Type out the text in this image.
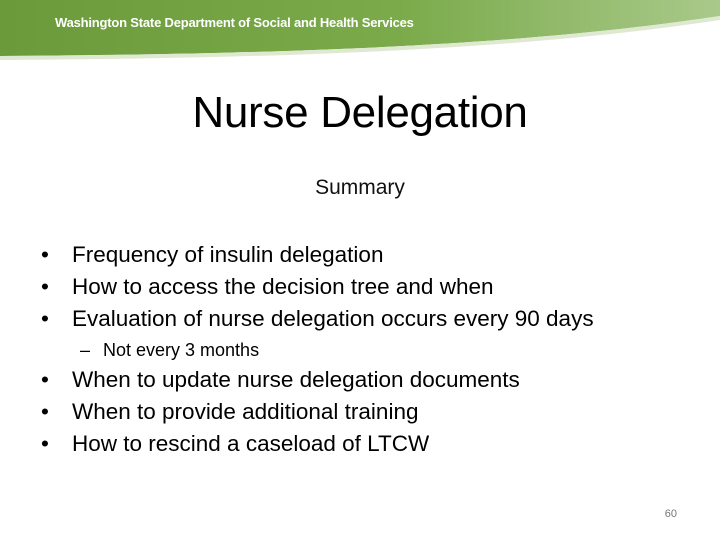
Washington State Department of Social and Health Services
Nurse Delegation
Summary
• Frequency of insulin delegation
• How to access the decision tree and when
• Evaluation of nurse delegation occurs every 90 days
– Not every 3 months
• When to update nurse delegation documents
• When to provide additional training
• How to rescind a caseload of LTCW
60
